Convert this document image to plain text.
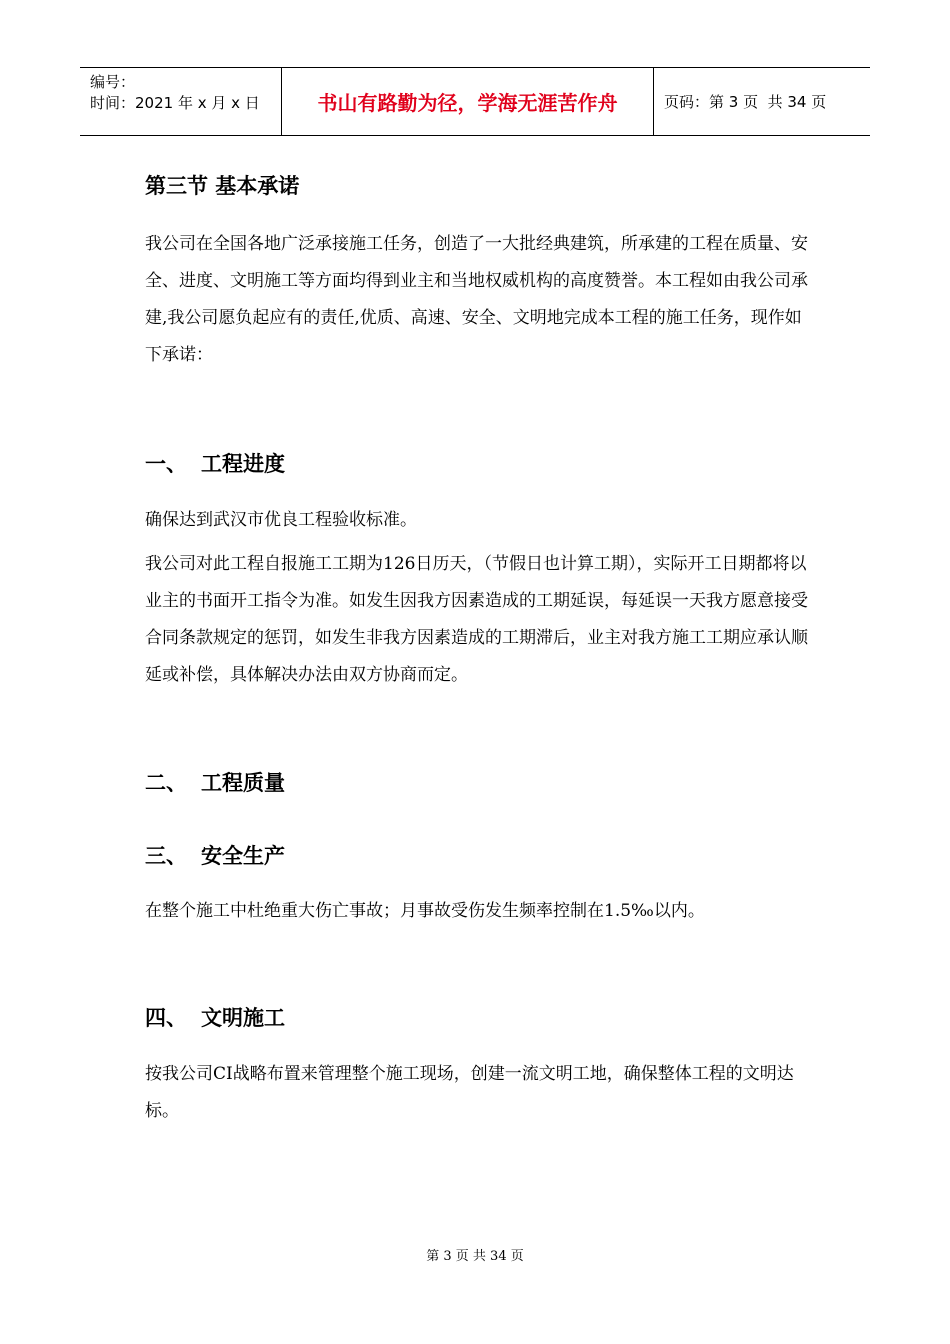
编号：
时间：2021 年 x 月 x 日	书山有路勤为径，学海无涯苦作舟	页码：第 3 页  共 34 页
第三节 基本承诺
我公司在全国各地广泛承接施工任务，创造了一大批经典建筑，所承建的工程在质量、安全、进度、文明施工等方面均得到业主和当地权威机构的高度赞誉。本工程如由我公司承建,我公司愿负起应有的责任,优质、高速、安全、文明地完成本工程的施工任务，现作如下承诺：
一、 工程进度
确保达到武汉市优良工程验收标准。
我公司对此工程自报施工工期为126日历天，（节假日也计算工期），实际开工日期都将以业主的书面开工指令为准。如发生因我方因素造成的工期延误，每延误一天我方愿意接受合同条款规定的惩罚，如发生非我方因素造成的工期滞后，业主对我方施工工期应承认顺延或补偿，具体解决办法由双方协商而定。
二、 工程质量
三、 安全生产
在整个施工中杜绝重大伤亡事故；月事故受伤发生频率控制在1.5‰以内。
四、 文明施工
按我公司CI战略布置来管理整个施工现场，创建一流文明工地，确保整体工程的文明达标。
第 3 页 共 34 页
